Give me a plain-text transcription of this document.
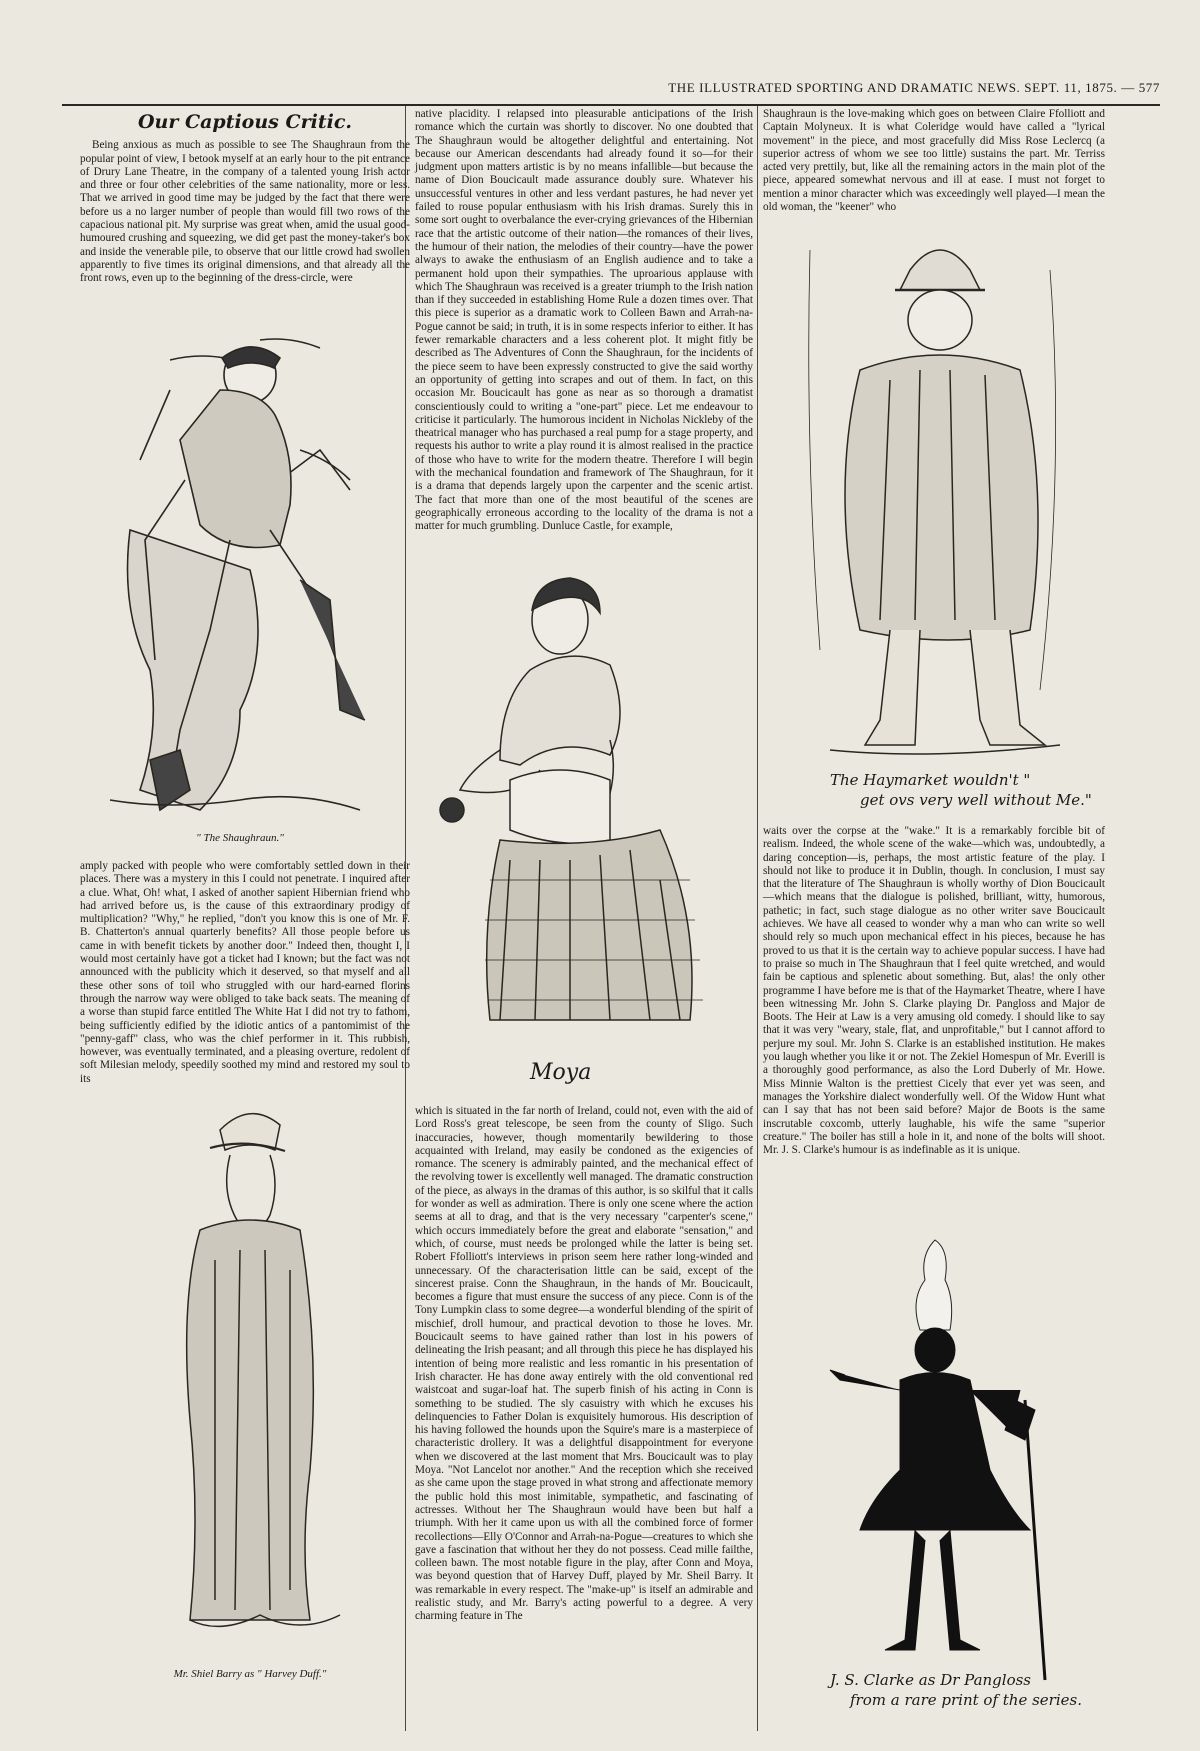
THE ILLUSTRATED SPORTING AND DRAMATIC NEWS. SEPT. 11, 1875. — 577
Our Captious Critic.

Being anxious as much as possible to see The Shaughraun from the popular point of view, I betook myself at an early hour to the pit entrance of Drury Lane Theatre, in the company of a talented young Irish actor and three or four other celebrities of the same nationality, more or less. That we arrived in good time may be judged by the fact that there were before us a no larger number of people than would fill two rows of the capacious national pit. My surprise was great when, amid the usual good-humoured crushing and squeezing, we did get past the money-taker's box and inside the venerable pile, to observe that our little crowd had swollen apparently to five times its original dimensions, and that already all the front rows, even up to the beginning of the dress-circle, were

" The Shaughraun."
amply packed with people who were comfortably settled down in their places. There was a mystery in this I could not penetrate. I inquired after a clue. What, Oh! what, I asked of another sapient Hibernian friend who had arrived before us, is the cause of this extraordinary prodigy of multiplication? "Why," he replied, "don't you know this is one of Mr. F. B. Chatterton's annual quarterly benefits? All those people before us came in with benefit tickets by another door." Indeed then, thought I, I would most certainly have got a ticket had I known; but the fact was not announced with the publicity which it deserved, so that myself and all these other sons of toil who struggled with our hard-earned florins through the narrow way were obliged to take back seats. The meaning of a worse than stupid farce entitled The White Hat I did not try to fathom, being sufficiently edified by the idiotic antics of a pantomimist of the "penny-gaff" class, who was the chief performer in it. This rubbish, however, was eventually terminated, and a pleasing overture, redolent of soft Milesian melody, speedily soothed my mind and restored my soul to its
Mr. Shiel Barry as " Harvey Duff."
native placidity. I relapsed into pleasurable anticipations of the Irish romance which the curtain was shortly to discover. No one doubted that The Shaughraun would be altogether delightful and entertaining. Not because our American descendants had already found it so—for their judgment upon matters artistic is by no means infallible—but because the name of Dion Boucicault made assurance doubly sure. Whatever his unsuccessful ventures in other and less verdant pastures, he had never yet failed to rouse popular enthusiasm with his Irish dramas. Surely this in some sort ought to overbalance the ever-crying grievances of the Hibernian race that the artistic outcome of their nation—the romances of their lives, the humour of their nation, the melodies of their country—have the power always to awake the enthusiasm of an English audience and to take a permanent hold upon their sympathies. The uproarious applause with which The Shaughraun was received is a greater triumph to the Irish nation than if they succeeded in establishing Home Rule a dozen times over. That this piece is superior as a dramatic work to Colleen Bawn and Arrah-na-Pogue cannot be said; in truth, it is in some respects inferior to either. It has fewer remarkable characters and a less coherent plot. It might fitly be described as The Adventures of Conn the Shaughraun, for the incidents of the piece seem to have been expressly constructed to give the said worthy an opportunity of getting into scrapes and out of them. In fact, on this occasion Mr. Boucicault has gone as near as so thorough a dramatist conscientiously could to writing a "one-part" piece. Let me endeavour to criticise it particularly. The humorous incident in Nicholas Nickleby of the theatrical manager who has purchased a real pump for a stage property, and requests his author to write a play round it is almost realised in the practice of those who have to write for the modern theatre. Therefore I will begin with the mechanical foundation and framework of The Shaughraun, for it is a drama that depends largely upon the carpenter and the scenic artist. The fact that more than one of the most beautiful of the scenes are geographically erroneous according to the locality of the drama is not a matter for much grumbling. Dunluce Castle, for example,
Moya
which is situated in the far north of Ireland, could not, even with the aid of Lord Ross's great telescope, be seen from the county of Sligo. Such inaccuracies, however, though momentarily bewildering to those acquainted with Ireland, may easily be condoned as the exigencies of romance. The scenery is admirably painted, and the mechanical effect of the revolving tower is excellently well managed. The dramatic construction of the piece, as always in the dramas of this author, is so skilful that it calls for wonder as well as admiration. There is only one scene where the action seems at all to drag, and that is the very necessary "carpenter's scene," which occurs immediately before the great and elaborate "sensation," and which, of course, must needs be prolonged while the latter is being set. Robert Ffolliott's interviews in prison seem here rather long-winded and unnecessary. Of the characterisation little can be said, except of the sincerest praise. Conn the Shaughraun, in the hands of Mr. Boucicault, becomes a figure that must ensure the success of any piece. Conn is of the Tony Lumpkin class to some degree—a wonderful blending of the spirit of mischief, droll humour, and practical devotion to those he loves. Mr. Boucicault seems to have gained rather than lost in his powers of delineating the Irish peasant; and all through this piece he has displayed his intention of being more realistic and less romantic in his presentation of Irish character. He has done away entirely with the old conventional red waistcoat and sugar-loaf hat. The superb finish of his acting in Conn is something to be studied. The sly casuistry with which he excuses his delinquencies to Father Dolan is exquisitely humorous. His description of his having followed the hounds upon the Squire's mare is a masterpiece of characteristic drollery. It was a delightful disappointment for everyone when we discovered at the last moment that Mrs. Boucicault was to play Moya. "Not Lancelot nor another." And the reception which she received as she came upon the stage proved in what strong and affectionate memory the public hold this most inimitable, sympathetic, and fascinating of actresses. Without her The Shaughraun would have been but half a triumph. With her it came upon us with all the combined force of former recollections—Elly O'Connor and Arrah-na-Pogue—creatures to which she gave a fascination that without her they do not possess. Cead mille failthe, colleen bawn. The most notable figure in the play, after Conn and Moya, was beyond question that of Harvey Duff, played by Mr. Sheil Barry. It was remarkable in every respect. The "make-up" is itself an admirable and realistic study, and Mr. Barry's acting powerful to a degree. A very charming feature in The
Shaughraun is the love-making which goes on between Claire Ffolliott and Captain Molyneux. It is what Coleridge would have called a "lyrical movement" in the piece, and most gracefully did Miss Rose Leclercq (a superior actress of whom we see too little) sustains the part. Mr. Terriss acted very prettily, but, like all the remaining actors in the main plot of the piece, appeared somewhat nervous and ill at ease. I must not forget to mention a minor character which was exceedingly well played—I mean the old woman, the "keener" who
The Haymarket wouldn't "
get ovs very well without Me."
waits over the corpse at the "wake." It is a remarkably forcible bit of realism. Indeed, the whole scene of the wake—which was, undoubtedly, a daring conception—is, perhaps, the most artistic feature of the play. I should not like to produce it in Dublin, though. In conclusion, I must say that the literature of The Shaughraun is wholly worthy of Dion Boucicault—which means that the dialogue is polished, brilliant, witty, humorous, pathetic; in fact, such stage dialogue as no other writer save Boucicault achieves. We have all ceased to wonder why a man who can write so well should rely so much upon mechanical effect in his pieces, because he has proved to us that it is the certain way to achieve popular success. I have had to praise so much in The Shaughraun that I feel quite wretched, and would fain be captious and splenetic about something. But, alas! the only other programme I have before me is that of the Haymarket Theatre, where I have been witnessing Mr. John S. Clarke playing Dr. Pangloss and Major de Boots. The Heir at Law is a very amusing old comedy. I should like to say that it was very "weary, stale, flat, and unprofitable," but I cannot afford to perjure my soul. Mr. John S. Clarke is an established institution. He makes you laugh whether you like it or not. The Zekiel Homespun of Mr. Everill is a thoroughly good performance, as also the Lord Duberly of Mr. Howe. Miss Minnie Walton is the prettiest Cicely that ever yet was seen, and manages the Yorkshire dialect wonderfully well. Of the Widow Hunt what can I say that has not been said before? Major de Boots is the same inscrutable coxcomb, utterly laughable, his wife the same "superior creature." The boiler has still a hole in it, and none of the bolts will shoot. Mr. J. S. Clarke's humour is as indefinable as it is unique.
J. S. Clarke as Dr Pangloss
from a rare print of the series.
